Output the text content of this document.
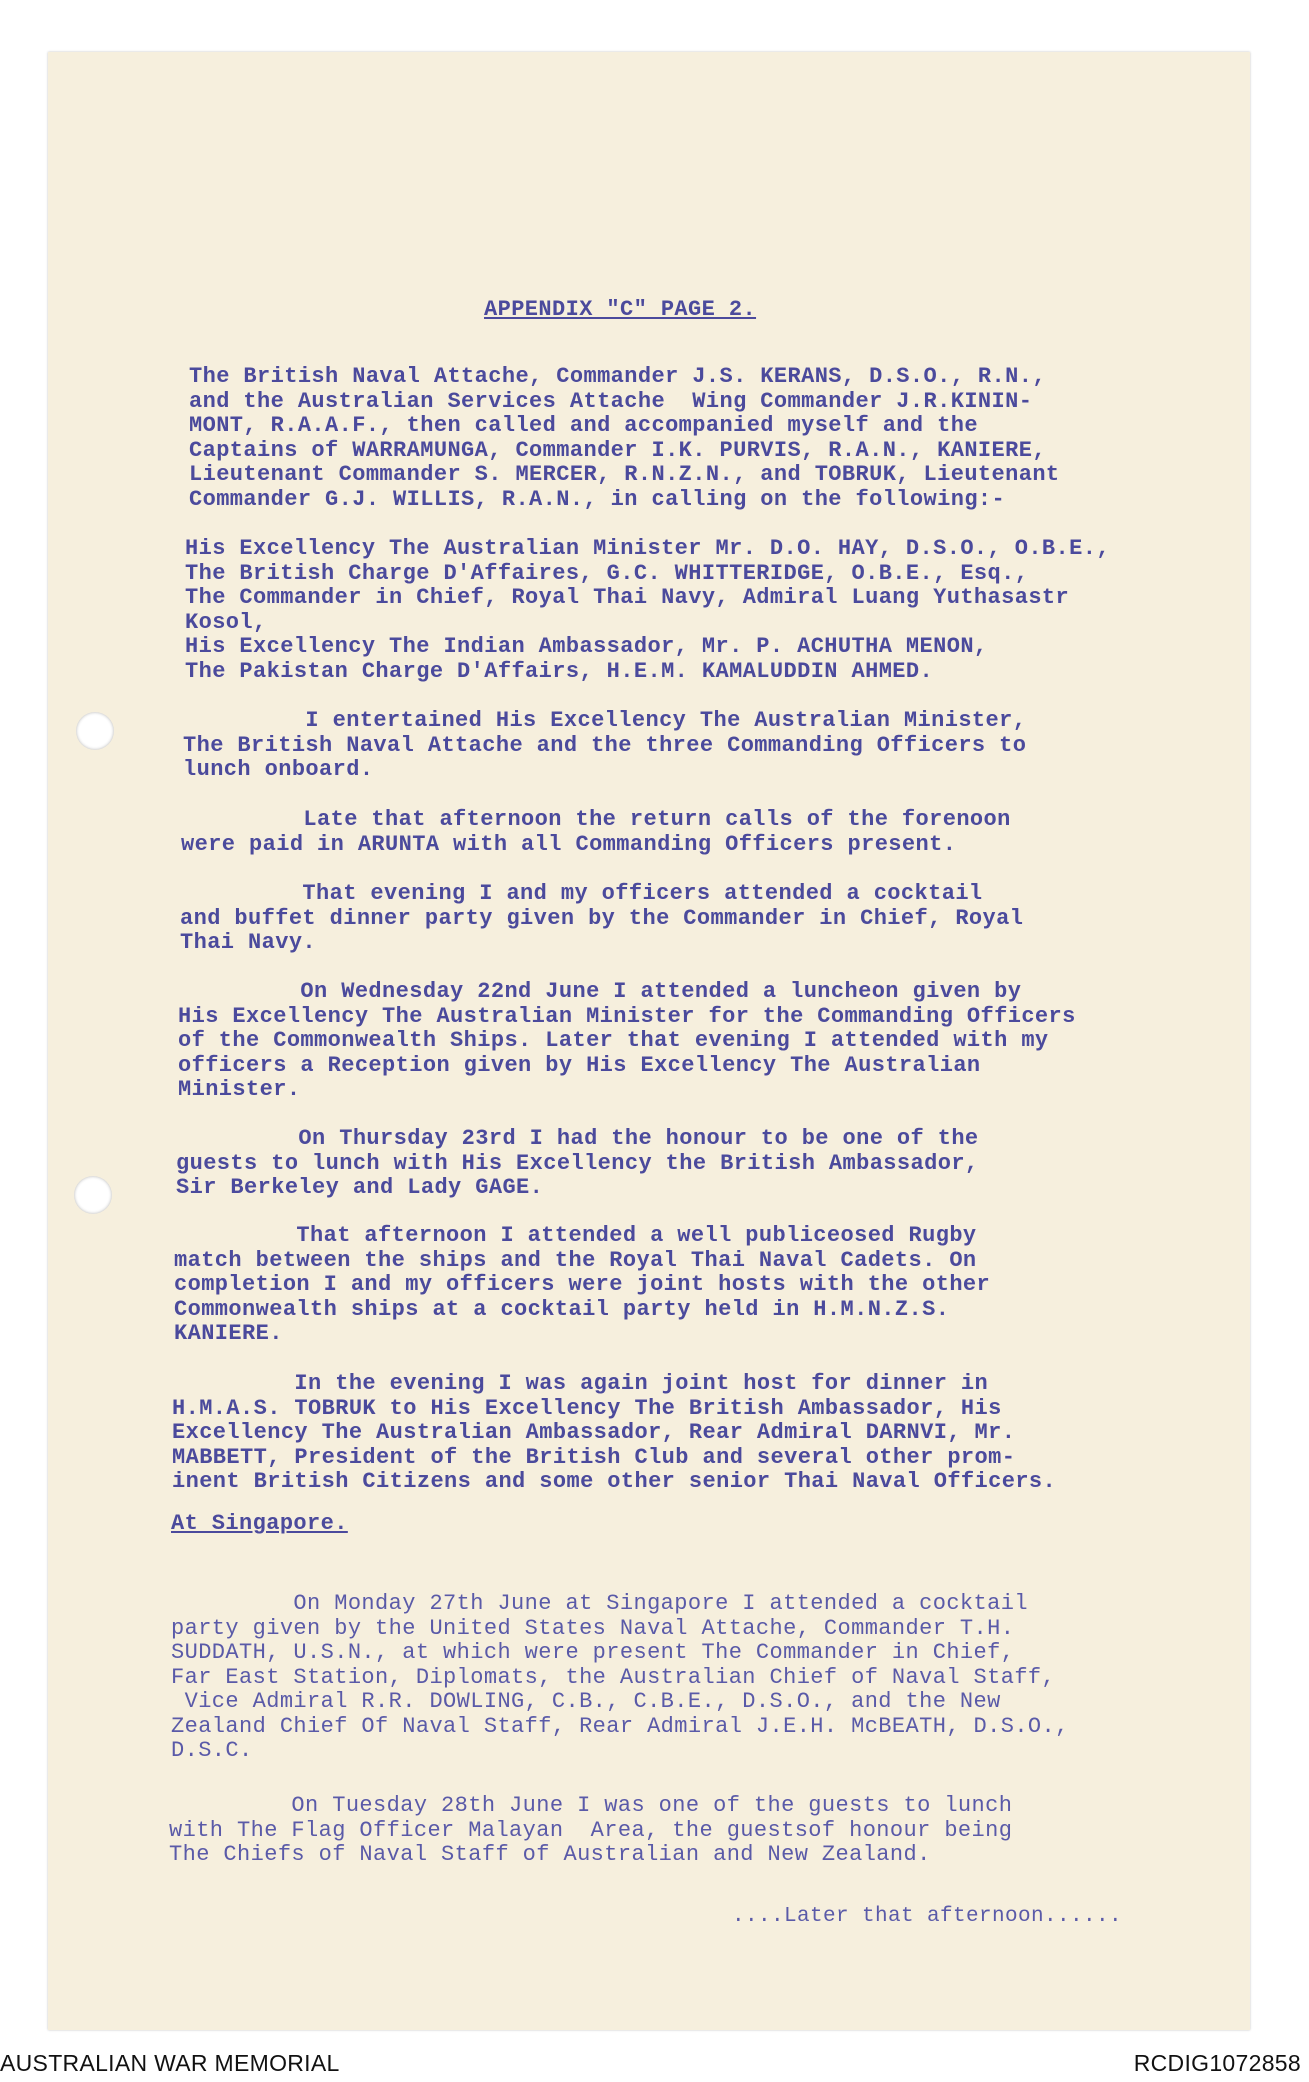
APPENDIX "C" PAGE 2.
The British Naval Attache, Commander J.S. KERANS, D.S.O., R.N.,
and the Australian Services Attache  Wing Commander J.R.KININ-
MONT, R.A.A.F., then called and accompanied myself and the
Captains of WARRAMUNGA, Commander I.K. PURVIS, R.A.N., KANIERE,
Lieutenant Commander S. MERCER, R.N.Z.N., and TOBRUK, Lieutenant
Commander G.J. WILLIS, R.A.N., in calling on the following:-
His Excellency The Australian Minister Mr. D.O. HAY, D.S.O., O.B.E.,
The British Charge D'Affaires, G.C. WHITTERIDGE, O.B.E., Esq.,
The Commander in Chief, Royal Thai Navy, Admiral Luang Yuthasastr
Kosol,
His Excellency The Indian Ambassador, Mr. P. ACHUTHA MENON,
The Pakistan Charge D'Affairs, H.E.M. KAMALUDDIN AHMED.
I entertained His Excellency The Australian Minister,
The British Naval Attache and the three Commanding Officers to
lunch onboard.
Late that afternoon the return calls of the forenoon
were paid in ARUNTA with all Commanding Officers present.
That evening I and my officers attended a cocktail
and buffet dinner party given by the Commander in Chief, Royal
Thai Navy.
On Wednesday 22nd June I attended a luncheon given by
His Excellency The Australian Minister for the Commanding Officers
of the Commonwealth Ships. Later that evening I attended with my
officers a Reception given by His Excellency The Australian
Minister.
On Thursday 23rd I had the honour to be one of the
guests to lunch with His Excellency the British Ambassador,
Sir Berkeley and Lady GAGE.
That afternoon I attended a well publiceosed Rugby
match between the ships and the Royal Thai Naval Cadets. On
completion I and my officers were joint hosts with the other
Commonwealth ships at a cocktail party held in H.M.N.Z.S.
KANIERE.
In the evening I was again joint host for dinner in
H.M.A.S. TOBRUK to His Excellency The British Ambassador, His
Excellency The Australian Ambassador, Rear Admiral DARNVI, Mr.
MABBETT, President of the British Club and several other prom-
inent British Citizens and some other senior Thai Naval Officers.
At Singapore.
On Monday 27th June at Singapore I attended a cocktail
party given by the United States Naval Attache, Commander T.H.
SUDDATH, U.S.N., at which were present The Commander in Chief,
Far East Station, Diplomats, the Australian Chief of Naval Staff,
Vice Admiral R.R. DOWLING, C.B., C.B.E., D.S.O., and the New
Zealand Chief Of Naval Staff, Rear Admiral J.E.H. McBEATH, D.S.O.,
D.S.C.
On Tuesday 28th June I was one of the guests to lunch
with The Flag Officer Malayan  Area, the guestsof honour being
The Chiefs of Naval Staff of Australian and New Zealand.
....Later that afternoon......
AUSTRALIAN WAR MEMORIAL	RCDIG1072858
